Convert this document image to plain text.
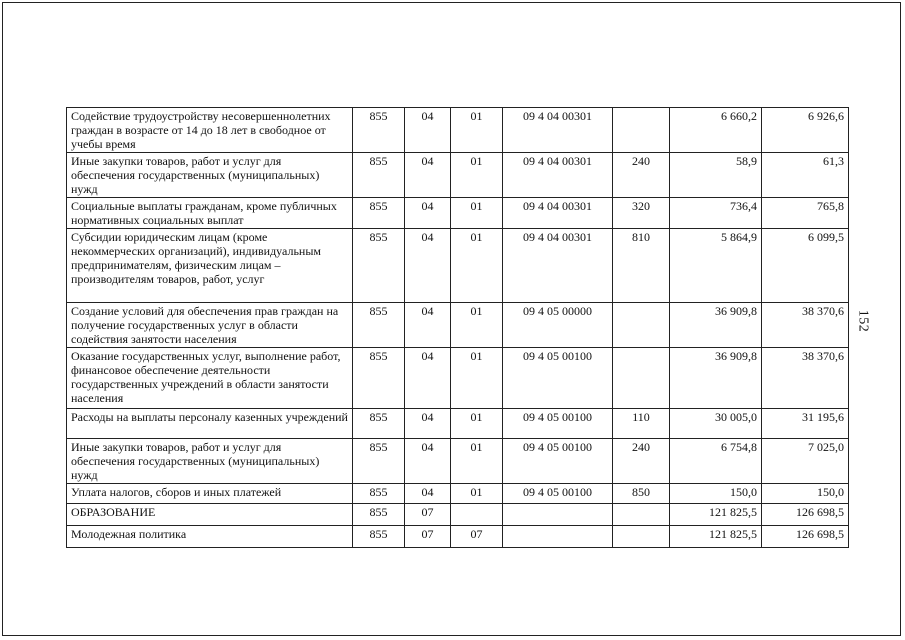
Содействие трудоустройству несовершеннолетних граждан в возрасте от 14 до 18 лет в свободное от учебы время	855	04	01	09 4 04 00301		6 660,2	6 926,6
Иные закупки товаров, работ и услуг для обеспечения государственных (муниципальных) нужд	855	04	01	09 4 04 00301	240	58,9	61,3
Социальные выплаты гражданам, кроме публичных нормативных социальных выплат	855	04	01	09 4 04 00301	320	736,4	765,8
Субсидии юридическим лицам (кроме некоммерческих организаций), индивидуальным предпринимателям, физическим лицам – производителям товаров, работ, услуг	855	04	01	09 4 04 00301	810	5 864,9	6 099,5
Создание условий для обеспечения прав граждан на получение государственных услуг в области содействия занятости населения	855	04	01	09 4 05 00000		36 909,8	38 370,6
Оказание государственных услуг, выполнение работ, финансовое обеспечение деятельности государственных учреждений в области занятости населения	855	04	01	09 4 05 00100		36 909,8	38 370,6
Расходы на выплаты персоналу казенных учреждений	855	04	01	09 4 05 00100	110	30 005,0	31 195,6
Иные закупки товаров, работ и услуг для обеспечения государственных (муниципальных) нужд	855	04	01	09 4 05 00100	240	6 754,8	7 025,0
Уплата налогов, сборов и иных платежей	855	04	01	09 4 05 00100	850	150,0	150,0
ОБРАЗОВАНИЕ	855	07				121 825,5	126 698,5
Молодежная политика	855	07	07			121 825,5	126 698,5
152
